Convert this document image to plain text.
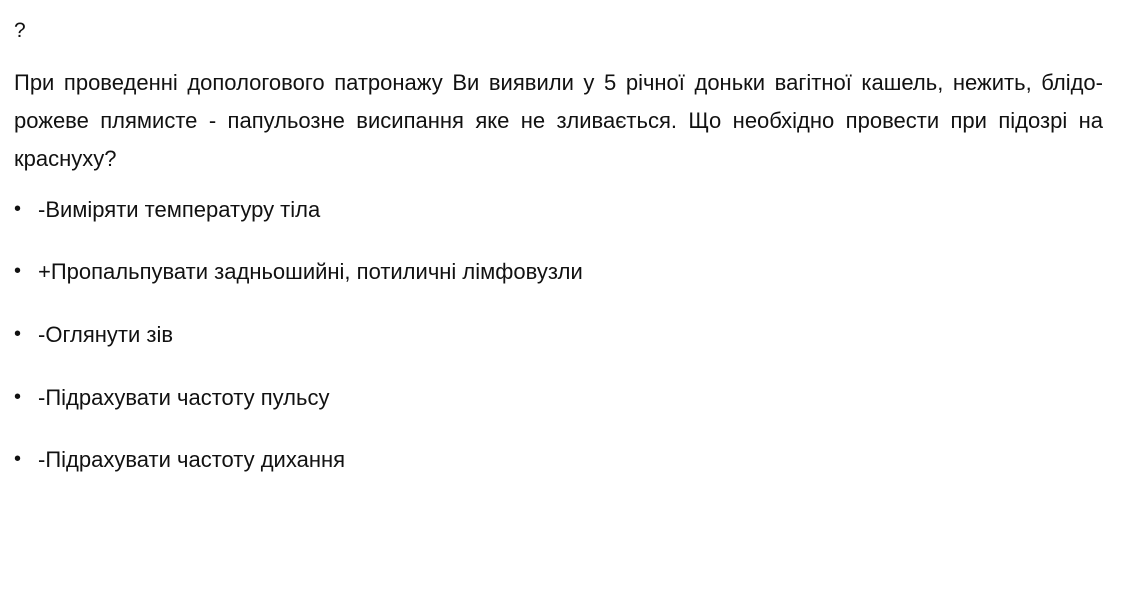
?

При проведенні допологового патронажу Ви виявили у 5 річної доньки вагітної кашель, нежить, блідо-рожеве плямисте - папульозне висипання яке не зливається. Що необхідно провести при підозрі на краснуху?

• -Виміряти температуру тіла
• +Пропальпувати задньошийні, потиличні лімфовузли
• -Оглянути зів
• -Підрахувати частоту пульсу
• -Підрахувати частоту дихання
